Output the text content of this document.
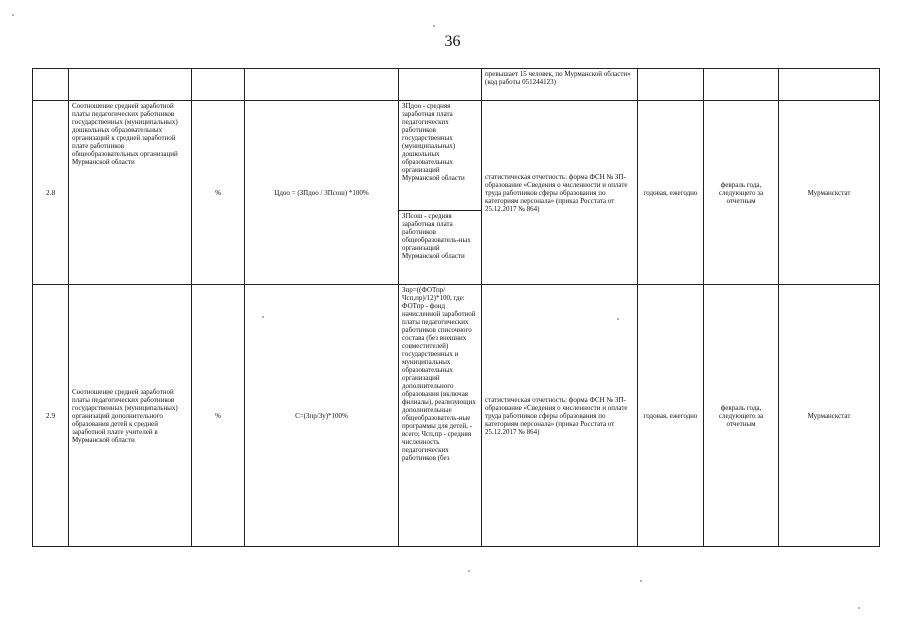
36
					превышает 15 человек, по Мурманской области» (код работы 051244123)			
2.8	Соотношение средней заработной платы педагогических работников государственных (муниципальных) дошкольных образовательных организаций к средней заработной плате работников общеобразовательных организаций Мурманской области	%	Цдоо = (ЗПдоо / ЗПсош) *100%	ЗПдоо - средняя заработная плата педагогических работников государственных (муниципальных) дошкольных образовательных организаций Мурманской области	статистическая отчетность: форма ФСН № ЗП-образование «Сведения о численности и оплате труда работников сферы образования по категориям персонала» (приказ Росстата от 25.12.2017 № 864)	годовая, ежегодно	февраль года, следующего за отчетным	Мурманскстат
				ЗПсош - средняя заработная плата работников общеобразователь-ных организаций Мурманской области				
2.9	Соотношение средней заработной платы педагогических работников государственных (муниципальных) организаций дополнительного образования детей к средней заработной плате учителей в Мурманской области	%	С=(Зпр/Зу)*100%	Зпр=((ФОТпр/Чсп,пр)/12)*100, где: ФОТпр - фонд начисленной заработной платы педагогических работников списочного состава (без внешних совместителей) государственных и муниципальных образовательных организаций дополнительного образования (включая филиалы), реализующих дополнительные общеобразователь-ные программы для детей, - всего; Чсп,пр - средняя численность педагогических работников (без	статистическая отчетность: форма ФСН № ЗП-образование «Сведения о численности и оплате труда работников сферы образования по категориям персонала» (приказ Росстата от 25.12.2017 № 864)	годовая, ежегодно	февраль года, следующего за отчетным	Мурманскстат
